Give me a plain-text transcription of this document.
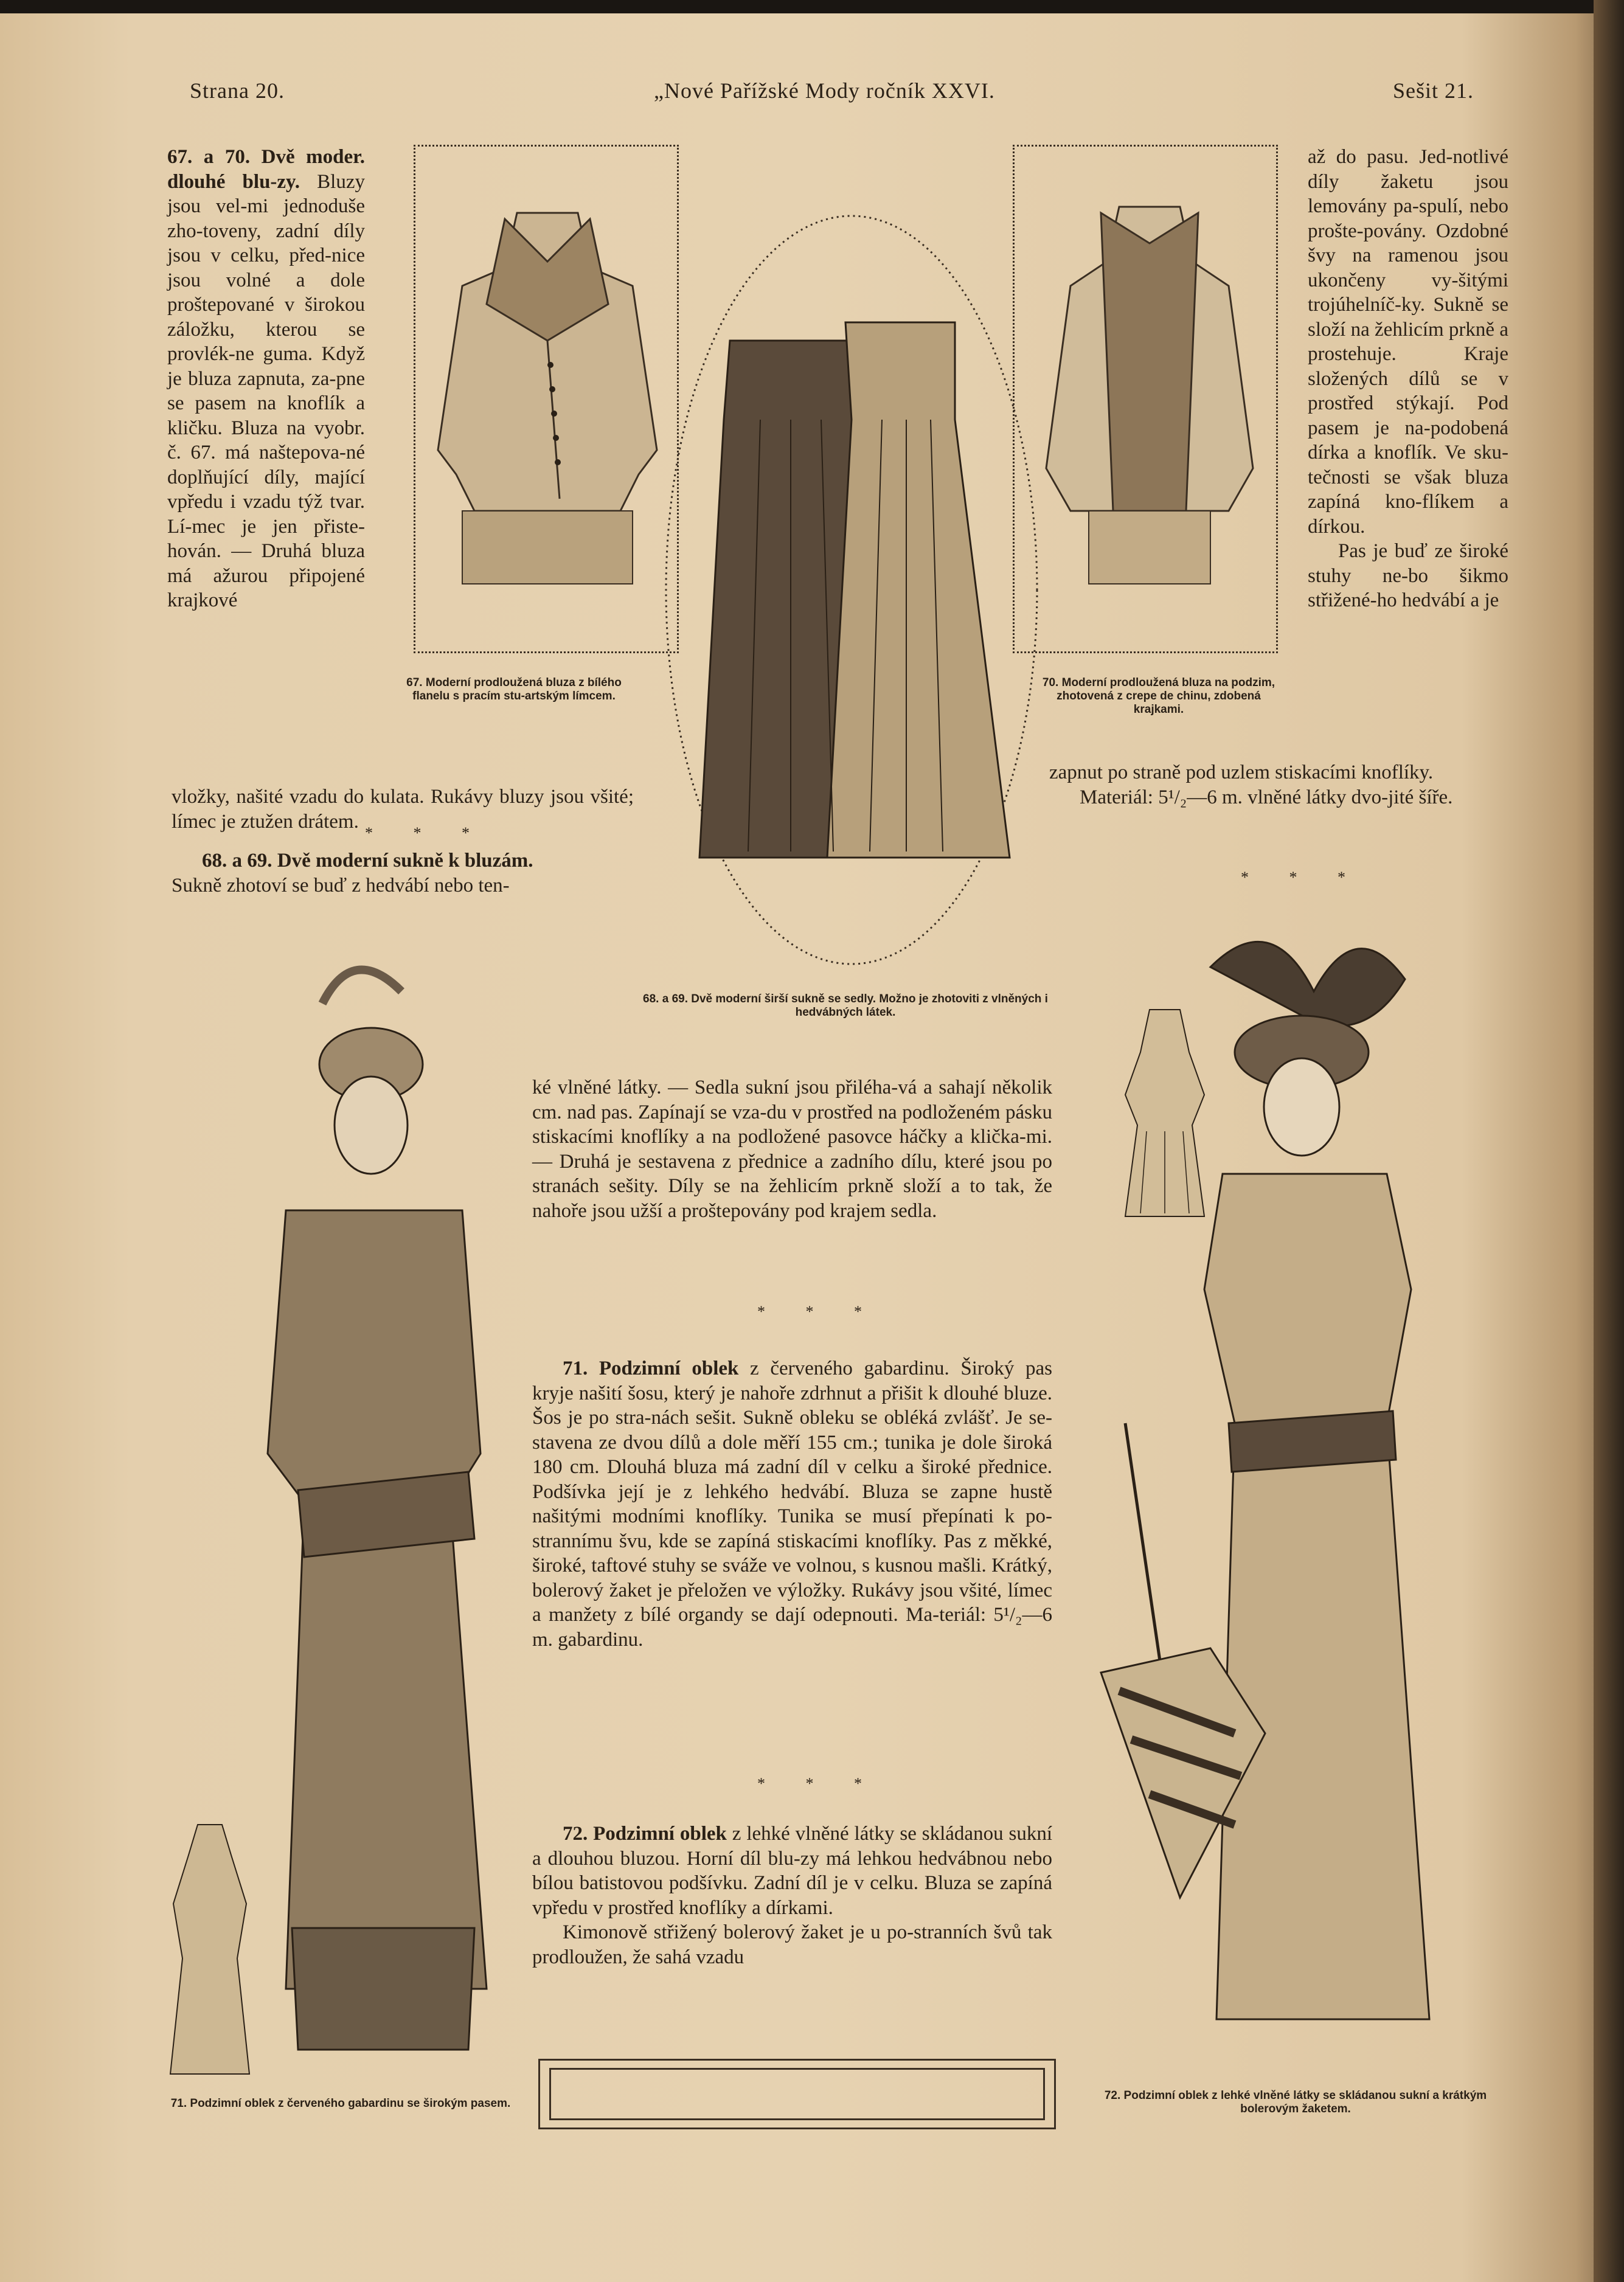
Strana 20.	„Nové Pařížské Mody ročník XXVI.	Sešit 21.

67. a 70. Dvě moder. dlouhé blu-zy. Bluzy jsou vel-mi jednoduše zho-toveny, zadní díly jsou v celku, před-nice jsou volné a dole proštepované v širokou záložku, kterou se provlék-ne guma. Když je bluza zapnuta, za-pne se pasem na knoflík a kličku. Bluza na vyobr. č. 67. má naštepova-né doplňující díly, mající vpředu i vzadu týž tvar. Lí-mec je jen přiste-hován. — Druhá bluza má ažurou připojené krajkové

vložky, našité vzadu do kulata. Rukávy bluzy jsou všité; límec je ztužen drátem.

* * *

68. a 69. Dvě moderní sukně k bluzám.

Sukně zhotoví se buď z hedvábí nebo ten-

67. Moderní prodloužená bluza z bílého flanelu s pracím stu-artským límcem.
68. a 69. Dvě moderní širší sukně se sedly. Možno je zhotoviti z vlněných i hedvábných látek.
70. Moderní prodloužená bluza na podzim, zhotovená z crepe de chinu, zdobená krajkami.

až do pasu. Jed-notlivé díly žaketu jsou lemovány pa-spulí, nebo prošte-povány. Ozdobné švy na ramenou jsou ukončeny vy-šitými trojúhelníč-ky. Sukně se složí na žehlicím prkně a prostehuje. Kraje složených dílů se v prostřed stýkají. Pod pasem je na-podobená dírka a knoflík. Ve sku-tečnosti se však bluza zapíná kno-flíkem a dírkou.

Pas je buď ze široké stuhy ne-bo šikmo střižené-ho hedvábí a je

zapnut po straně pod uzlem stiskacími knoflíky.

Materiál: 5¹/₂—6 m. vlněné látky dvo-jité šíře.

* * *
71. Podzimní oblek z červeného gabardinu se širokým pasem.

ké vlněné látky. — Sedla sukní jsou přiléha-vá a sahají několik cm. nad pas. Zapínají se vza-du v prostřed na podloženém pásku stiskacími knoflíky a na podložené pasovce háčky a klička-mi. — Druhá je sestavena z přednice a zadního dílu, které jsou po stranách sešity. Díly se na žehlicím prkně složí a to tak, že nahoře jsou užší a proštepovány pod krajem sedla.

* * *

71. Podzimní oblek z červeného gabardinu. Široký pas kryje našití šosu, který je nahoře zdrhnut a přišit k dlouhé bluze. Šos je po stra-nách sešit. Sukně obleku se obléká zvlášť. Je se-stavena ze dvou dílů a dole měří 155 cm.; tunika je dole široká 180 cm. Dlouhá bluza má zadní díl v celku a široké přednice. Podšívka její je z lehkého hedvábí. Bluza se zapne hustě našitými modními knoflíky. Tunika se musí přepínati k po-strannímu švu, kde se zapíná stiskacími knoflíky. Pas z měkké, široké, taftové stuhy se sváže ve volnou, s kusnou mašli. Krátký, bolerový žaket je přeložen ve výložky. Rukávy jsou všité, límec a manžety z bílé organdy se dají odepnouti. Ma-teriál: 5¹/₂—6 m. gabardinu.

* * *

72. Podzimní oblek z lehké vlněné látky se skládanou sukní a dlouhou bluzou. Horní díl blu-zy má lehkou hedvábnou nebo bílou batistovou podšívku. Zadní díl je v celku. Bluza se zapíná vpředu v prostřed knoflíky a dírkami.

Kimonově střižený bolerový žaket je u po-stranních švů tak prodloužen, že sahá vzadu

72. Podzimní oblek z lehké vlněné látky se skládanou sukní a krátkým bolerovým žaketem.
